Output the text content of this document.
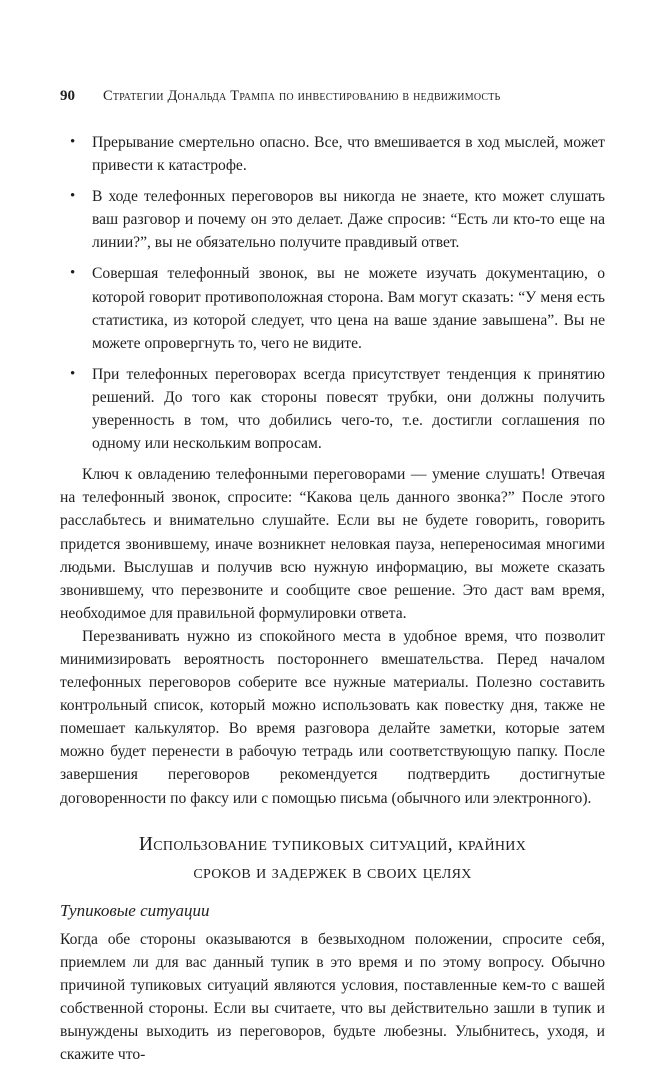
90 Стратегии Дональда Трампа по инвестированию в недвижимость
• Прерывание смертельно опасно. Все, что вмешивается в ход мыслей, может привести к катастрофе.
• В ходе телефонных переговоров вы никогда не знаете, кто может слушать ваш разговор и почему он это делает. Даже спросив: “Есть ли кто-то еще на линии?”, вы не обязательно получите правдивый ответ.
• Совершая телефонный звонок, вы не можете изучать документацию, о которой говорит противоположная сторона. Вам могут сказать: “У меня есть статистика, из которой следует, что цена на ваше здание завышена”. Вы не можете опровергнуть то, чего не видите.
• При телефонных переговорах всегда присутствует тенденция к принятию решений. До того как стороны повесят трубки, они должны получить уверенность в том, что добились чего-то, т.е. достигли соглашения по одному или нескольким вопросам.

Ключ к овладению телефонными переговорами — умение слушать! Отвечая на телефонный звонок, спросите: “Какова цель данного звонка?” После этого расслабьтесь и внимательно слушайте. Если вы не будете говорить, говорить придется звонившему, иначе возникнет неловкая пауза, непереносимая многими людьми. Выслушав и получив всю нужную информацию, вы можете сказать звонившему, что перезвоните и сообщите свое решение. Это даст вам время, необходимое для правильной формулировки ответа.

Перезванивать нужно из спокойного места в удобное время, что позволит минимизировать вероятность постороннего вмешательства. Перед началом телефонных переговоров соберите все нужные материалы. Полезно составить контрольный список, который можно использовать как повестку дня, также не помешает калькулятор. Во время разговора делайте заметки, которые затем можно будет перенести в рабочую тетрадь или соответствующую папку. После завершения переговоров рекомендуется подтвердить достигнутые договоренности по факсу или с помощью письма (обычного или электронного).

Использование тупиковых ситуаций, крайних
сроков и задержек в своих целях
Тупиковые ситуации

Когда обе стороны оказываются в безвыходном положении, спросите себя, приемлем ли для вас данный тупик в это время и по этому вопросу. Обычно причиной тупиковых ситуаций являются условия, поставленные кем-то с вашей собственной стороны. Если вы считаете, что вы действительно зашли в тупик и вынуждены выходить из переговоров, будьте любезны. Улыбнитесь, уходя, и скажите что-
